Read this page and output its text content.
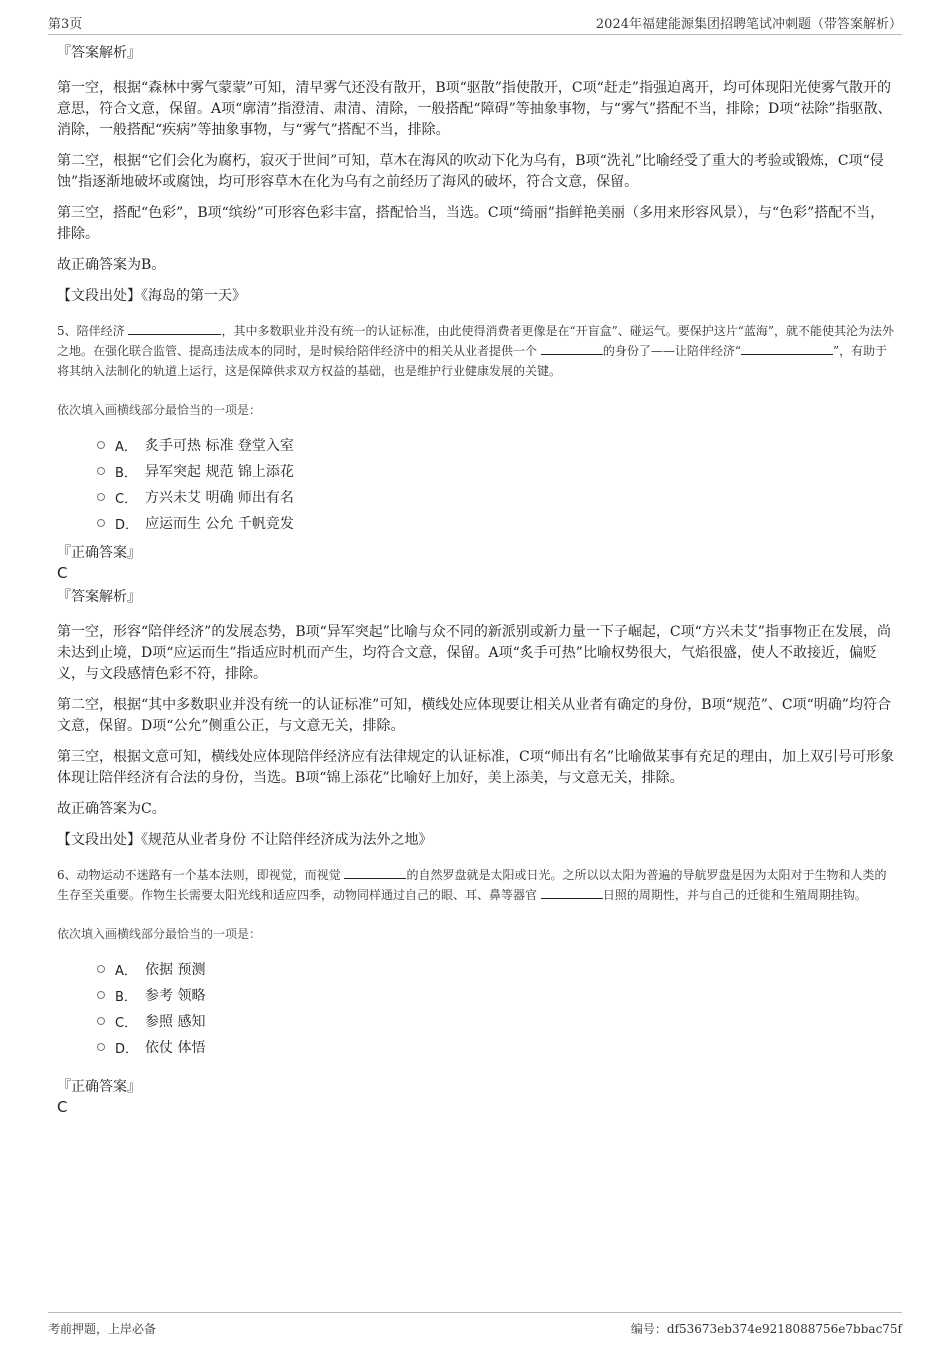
第3页	2024年福建能源集团招聘笔试冲刺题（带答案解析）

『答案解析』

第一空，根据“森林中雾气蒙蒙”可知，清早雾气还没有散开，B项“驱散”指使散开，C项“赶走”指强迫离开，均可体现阳光使雾气散开的意思，符合文意，保留。A项“廓清”指澄清、肃清、清除，一般搭配“障碍”等抽象事物，与“雾气”搭配不当，排除；D项“祛除”指驱散、消除，一般搭配“疾病”等抽象事物，与“雾气”搭配不当，排除。

第二空，根据“它们会化为腐朽，寂灭于世间”可知，草木在海风的吹动下化为乌有，B项“洗礼”比喻经受了重大的考验或锻炼，C项“侵蚀”指逐渐地破坏或腐蚀，均可形容草木在化为乌有之前经历了海风的破坏，符合文意，保留。

第三空，搭配“色彩”，B项“缤纷”可形容色彩丰富，搭配恰当，当选。C项“绮丽”指鲜艳美丽（多用来形容风景），与“色彩”搭配不当，排除。

故正确答案为B。

【文段出处】《海岛的第一天》

5、陪伴经济	，其中多数职业并没有统一的认证标准，由此使得消费者更像是在“开盲盒”、碰运气。要保护这片“蓝海”，就不能使其沦为法外之地。在强化联合监管、提高违法成本的同时，是时候给陪伴经济中的相关从业者提供一个	的身份了——让陪伴经济“	”，有助于将其纳入法制化的轨道上运行，这是保障供求双方权益的基础，也是维护行业健康发展的关键。

依次填入画横线部分最恰当的一项是：

A． 炙手可热 标准 登堂入室
B． 异军突起 规范 锦上添花
C． 方兴未艾 明确 师出有名
D． 应运而生 公允 千帆竞发

『正确答案』

C

『答案解析』

第一空，形容“陪伴经济”的发展态势，B项“异军突起”比喻与众不同的新派别或新力量一下子崛起，C项“方兴未艾”指事物正在发展，尚未达到止境，D项“应运而生”指适应时机而产生，均符合文意，保留。A项“炙手可热”比喻权势很大，气焰很盛，使人不敢接近，偏贬义，与文段感情色彩不符，排除。

第二空，根据“其中多数职业并没有统一的认证标准”可知，横线处应体现要让相关从业者有确定的身份，B项“规范”、C项“明确”均符合文意，保留。D项“公允”侧重公正，与文意无关，排除。

第三空，根据文意可知，横线处应体现陪伴经济应有法律规定的认证标准，C项“师出有名”比喻做某事有充足的理由，加上双引号可形象体现让陪伴经济有合法的身份，当选。B项“锦上添花”比喻好上加好，美上添美，与文意无关，排除。

故正确答案为C。

【文段出处】《规范从业者身份 不让陪伴经济成为法外之地》

6、动物运动不迷路有一个基本法则，即视觉，而视觉	的自然罗盘就是太阳或日光。之所以以太阳为普遍的导航罗盘是因为太阳对于生物和人类的生存至关重要。作物生长需要太阳光线和适应四季，动物同样通过自己的眼、耳、鼻等器官	日照的周期性，并与自己的迁徙和生殖周期挂钩。

依次填入画横线部分最恰当的一项是：

A． 依据 预测
B． 参考 领略
C． 参照 感知
D． 依仗 体悟

『正确答案』

C

考前押题，上岸必备	编号：df53673eb374e9218088756e7bbac75f
